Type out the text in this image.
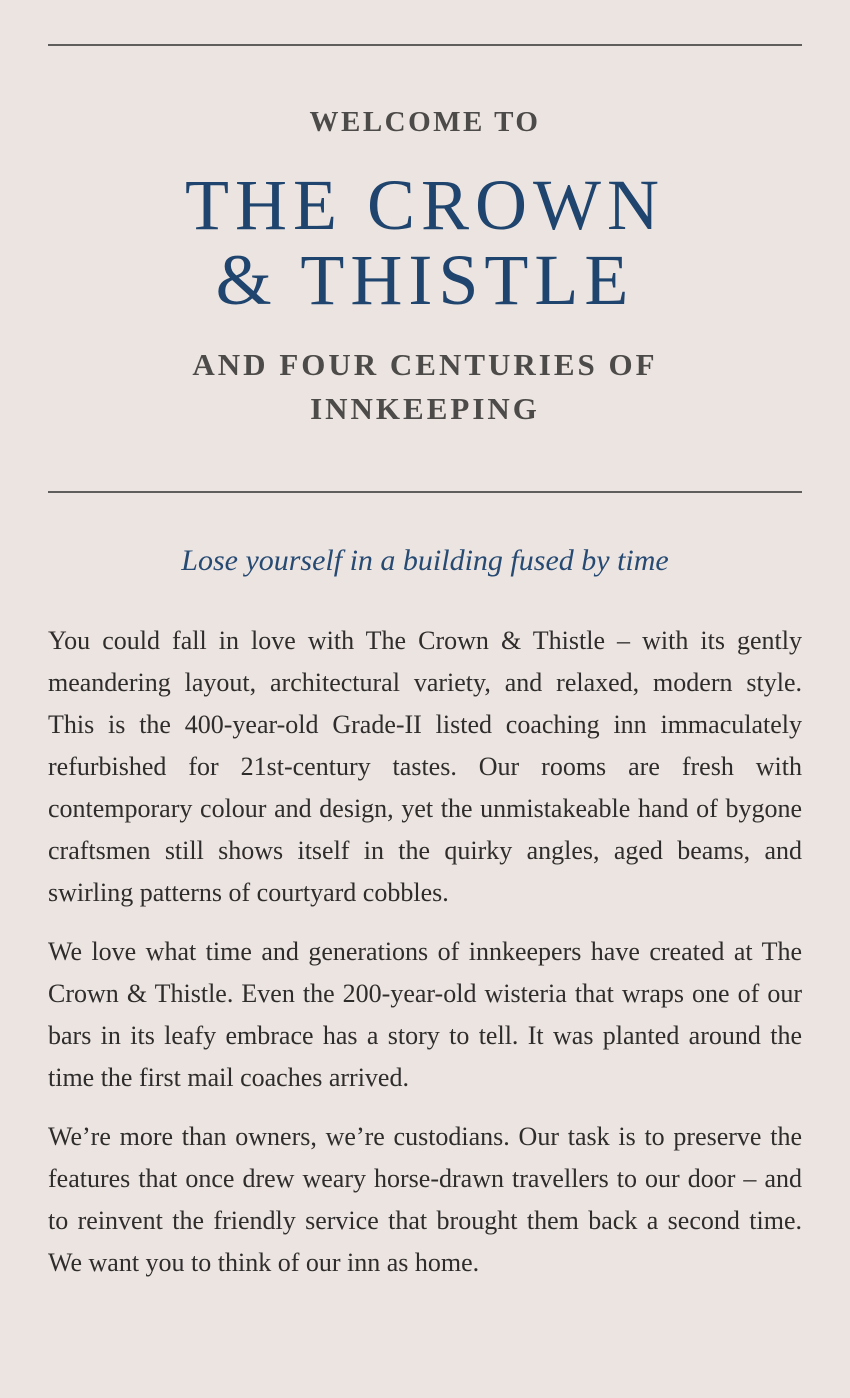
WELCOME TO
THE CROWN
& THISTLE
AND FOUR CENTURIES OF
INNKEEPING
Lose yourself in a building fused by time

You could fall in love with The Crown & Thistle – with its gently meandering layout, architectural variety, and relaxed, modern style. This is the 400-year-old Grade-II listed coaching inn immaculately refurbished for 21st-century tastes. Our rooms are fresh with contemporary colour and design, yet the unmistakeable hand of bygone craftsmen still shows itself in the quirky angles, aged beams, and swirling patterns of courtyard cobbles.

We love what time and generations of innkeepers have created at The Crown & Thistle. Even the 200-year-old wisteria that wraps one of our bars in its leafy embrace has a story to tell. It was planted around the time the first mail coaches arrived.

We’re more than owners, we’re custodians. Our task is to preserve the features that once drew weary horse-drawn travellers to our door – and to reinvent the friendly service that brought them back a second time. We want you to think of our inn as home.
